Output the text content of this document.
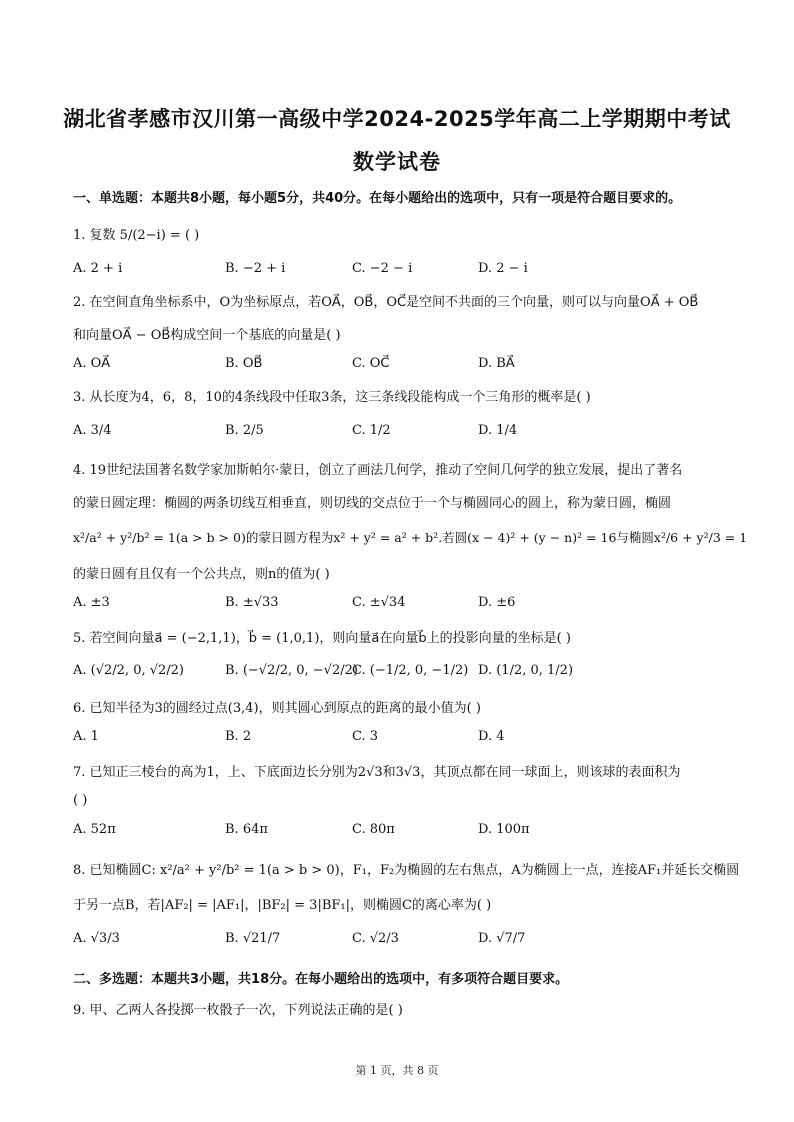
湖北省孝感市汉川第一高级中学2024-2025学年高二上学期期中考试
数学试卷
一、单选题：本题共8小题，每小题5分，共40分。在每小题给出的选项中，只有一项是符合题目要求的。
1. 复数 5/(2−i) = ( )
A. 2 + i	B. −2 + i	C. −2 − i	D. 2 − i
2. 在空间直角坐标系中，O为坐标原点，若OA⃗，OB⃗，OC⃗是空间不共面的三个向量，则可以与向量OA⃗ + OB⃗
和向量OA⃗ − OB⃗构成空间一个基底的向量是( )
A. OA⃗	B. OB⃗	C. OC⃗	D. BA⃗
3. 从长度为4，6，8，10的4条线段中任取3条，这三条线段能构成一个三角形的概率是( )
A. 3/4	B. 2/5	C. 1/2	D. 1/4
4. 19世纪法国著名数学家加斯帕尔·蒙日，创立了画法几何学，推动了空间几何学的独立发展，提出了著名
的蒙日圆定理：椭圆的两条切线互相垂直，则切线的交点位于一个与椭圆同心的圆上，称为蒙日圆，椭圆
x²/a² + y²/b² = 1(a > b > 0)的蒙日圆方程为x² + y² = a² + b².若圆(x − 4)² + (y − n)² = 16与椭圆x²/6 + y²/3 = 1
的蒙日圆有且仅有一个公共点，则n的值为( )
A. ±3	B. ±√33	C. ±√34	D. ±6
5. 若空间向量a⃗ = (−2,1,1)，b⃗ = (1,0,1)，则向量a⃗在向量b⃗上的投影向量的坐标是( )
A. (√2/2, 0, √2/2)	B. (−√2/2, 0, −√2/2)
C. (−1/2, 0, −1/2) D. (1/2, 0, 1/2)
6. 已知半径为3的圆经过点(3,4)，则其圆心到原点的距离的最小值为( )
A. 1	B. 2	C. 3	D. 4
7. 已知正三棱台的高为1，上、下底面边长分别为2√3和3√3，其顶点都在同一球面上，则该球的表面积为
( )
A. 52π	B. 64π	C. 80π	D. 100π
8. 已知椭圆C: x²/a² + y²/b² = 1(a > b > 0)，F₁，F₂为椭圆的左右焦点，A为椭圆上一点，连接AF₁并延长交椭圆
于另一点B，若|AF₂| = |AF₁|，|BF₂| = 3|BF₁|，则椭圆C的离心率为( )
A. √3/3	B. √21/7	C. √2/3	D. √7/7
二、多选题：本题共3小题，共18分。在每小题给出的选项中，有多项符合题目要求。
9. 甲、乙两人各投掷一枚骰子一次，下列说法正确的是( )
第 1 页，共 8 页
